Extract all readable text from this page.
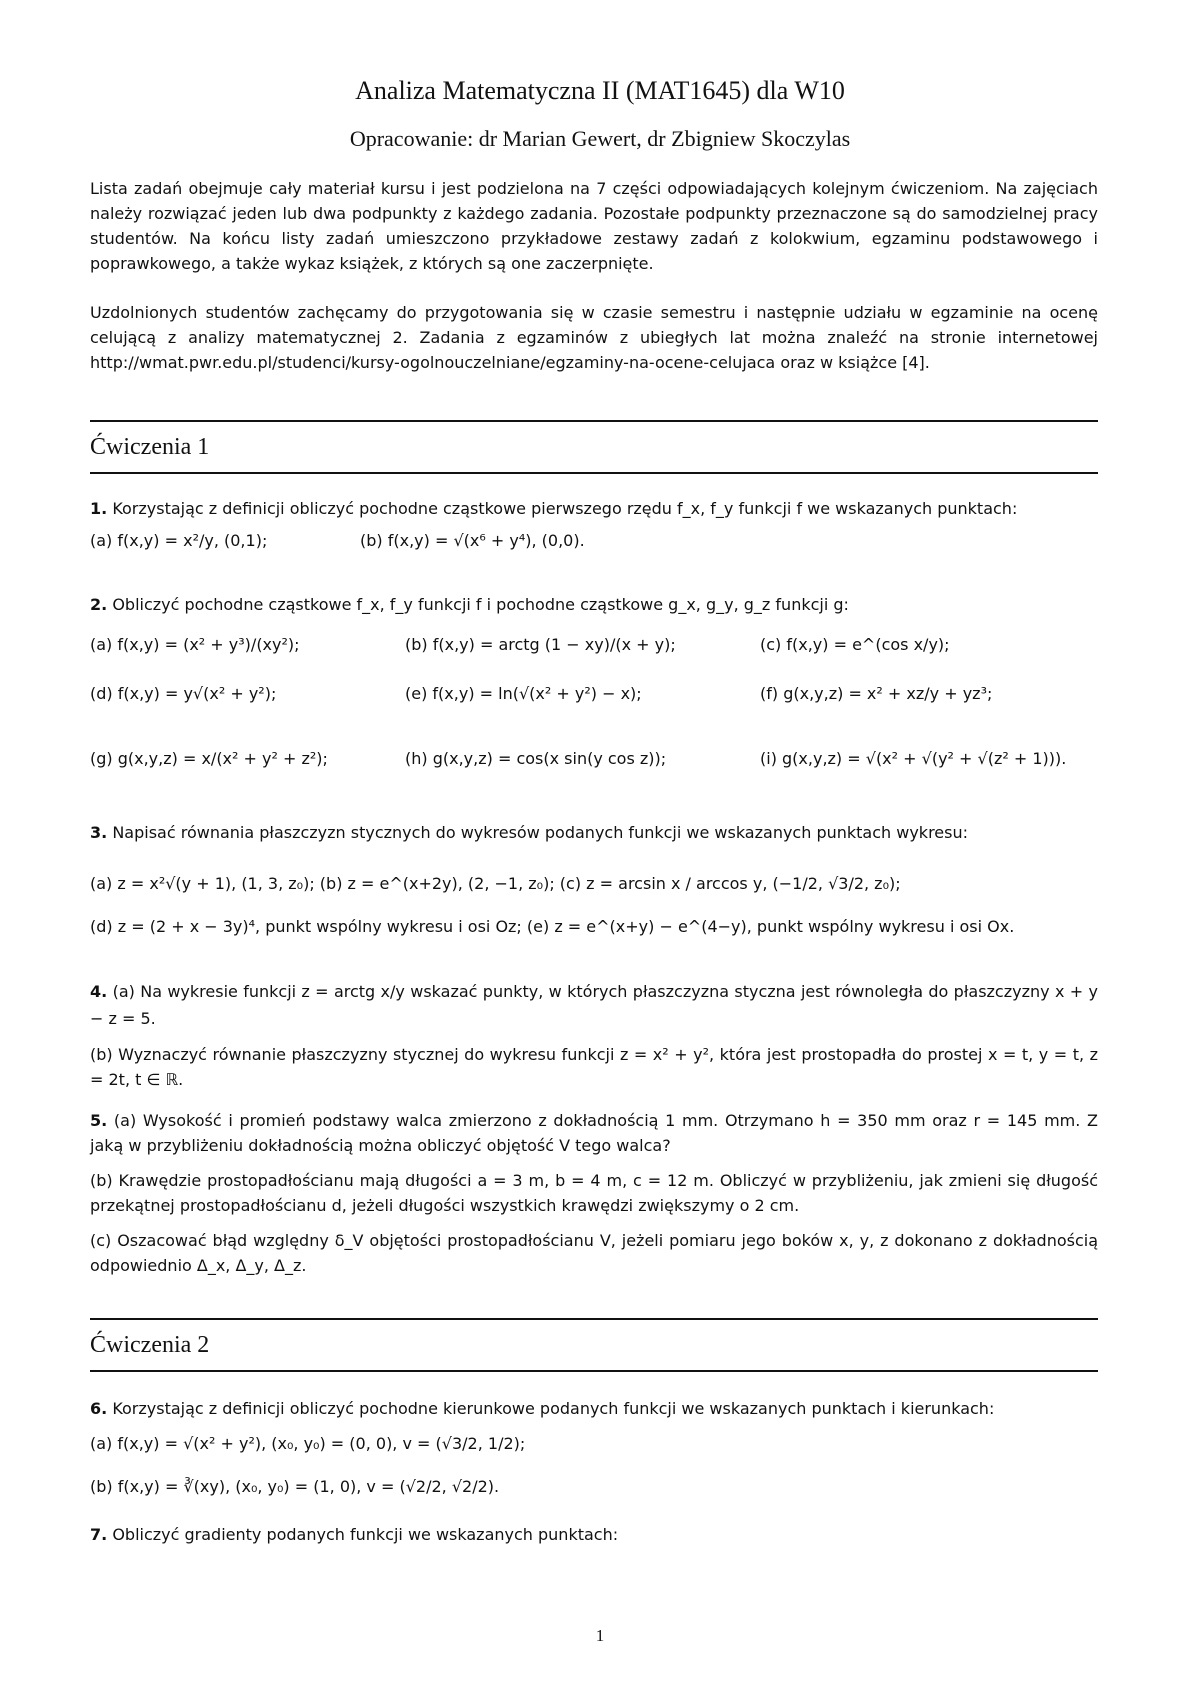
Analiza Matematyczna II (MAT1645) dla W10
Opracowanie: dr Marian Gewert, dr Zbigniew Skoczylas

Lista zadań obejmuje cały materiał kursu i jest podzielona na 7 części odpowiadających kolejnym ćwiczeniom. Na zajęciach należy rozwiązać jeden lub dwa podpunkty z każdego zadania. Pozostałe podpunkty przeznaczone są do samodzielnej pracy studentów. Na końcu listy zadań umieszczono przykładowe zestawy zadań z kolokwium, egzaminu podstawowego i poprawkowego, a także wykaz książek, z których są one zaczerpnięte.

Uzdolnionych studentów zachęcamy do przygotowania się w czasie semestru i następnie udziału w egzaminie na ocenę celującą z analizy matematycznej 2. Zadania z egzaminów z ubiegłych lat można znaleźć na stronie internetowej http://wmat.pwr.edu.pl/studenci/kursy-ogolnouczelniane/egzaminy-na-ocene-celujaca oraz w książce [4].

Ćwiczenia 1

1. Korzystając z definicji obliczyć pochodne cząstkowe pierwszego rzędu f_x, f_y funkcji f we wskazanych punktach:

(a) f(x,y) = x²/y, (0,1);	(b) f(x,y) = √(x⁶ + y⁴), (0,0).

2. Obliczyć pochodne cząstkowe f_x, f_y funkcji f i pochodne cząstkowe g_x, g_y, g_z funkcji g:

(a) f(x,y) = (x² + y³)/(xy²);	(b) f(x,y) = arctg (1 − xy)/(x + y);	(c) f(x,y) = e^(cos x/y);
(d) f(x,y) = y√(x² + y²);	(e) f(x,y) = ln(√(x² + y²) − x);	(f) g(x,y,z) = x² + xz/y + yz³;
(g) g(x,y,z) = x/(x² + y² + z²);	(h) g(x,y,z) = cos(x sin(y cos z));	(i) g(x,y,z) = √(x² + √(y² + √(z² + 1))).

3. Napisać równania płaszczyzn stycznych do wykresów podanych funkcji we wskazanych punktach wykresu:

(a) z = x²√(y + 1), (1, 3, z₀); (b) z = e^(x+2y), (2, −1, z₀); (c) z = arcsin x / arccos y, (−1/2, √3/2, z₀);

(d) z = (2 + x − 3y)⁴, punkt wspólny wykresu i osi Oz; (e) z = e^(x+y) − e^(4−y), punkt wspólny wykresu i osi Ox.

4. (a) Na wykresie funkcji z = arctg x/y wskazać punkty, w których płaszczyzna styczna jest równoległa do płaszczyzny x + y − z = 5.

(b) Wyznaczyć równanie płaszczyzny stycznej do wykresu funkcji z = x² + y², która jest prostopadła do prostej x = t, y = t, z = 2t, t ∈ ℝ.

5. (a) Wysokość i promień podstawy walca zmierzono z dokładnością 1 mm. Otrzymano h = 350 mm oraz r = 145 mm. Z jaką w przybliżeniu dokładnością można obliczyć objętość V tego walca?

(b) Krawędzie prostopadłościanu mają długości a = 3 m, b = 4 m, c = 12 m. Obliczyć w przybliżeniu, jak zmieni się długość przekątnej prostopadłościanu d, jeżeli długości wszystkich krawędzi zwiększymy o 2 cm.

(c) Oszacować błąd względny δ_V objętości prostopadłościanu V, jeżeli pomiaru jego boków x, y, z dokonano z dokładnością odpowiednio Δ_x, Δ_y, Δ_z.

Ćwiczenia 2

6. Korzystając z definicji obliczyć pochodne kierunkowe podanych funkcji we wskazanych punktach i kierunkach:

(a) f(x,y) = √(x² + y²), (x₀, y₀) = (0, 0), v = (√3/2, 1/2);

(b) f(x,y) = ∛(xy), (x₀, y₀) = (1, 0), v = (√2/2, √2/2).

7. Obliczyć gradienty podanych funkcji we wskazanych punktach:

1
